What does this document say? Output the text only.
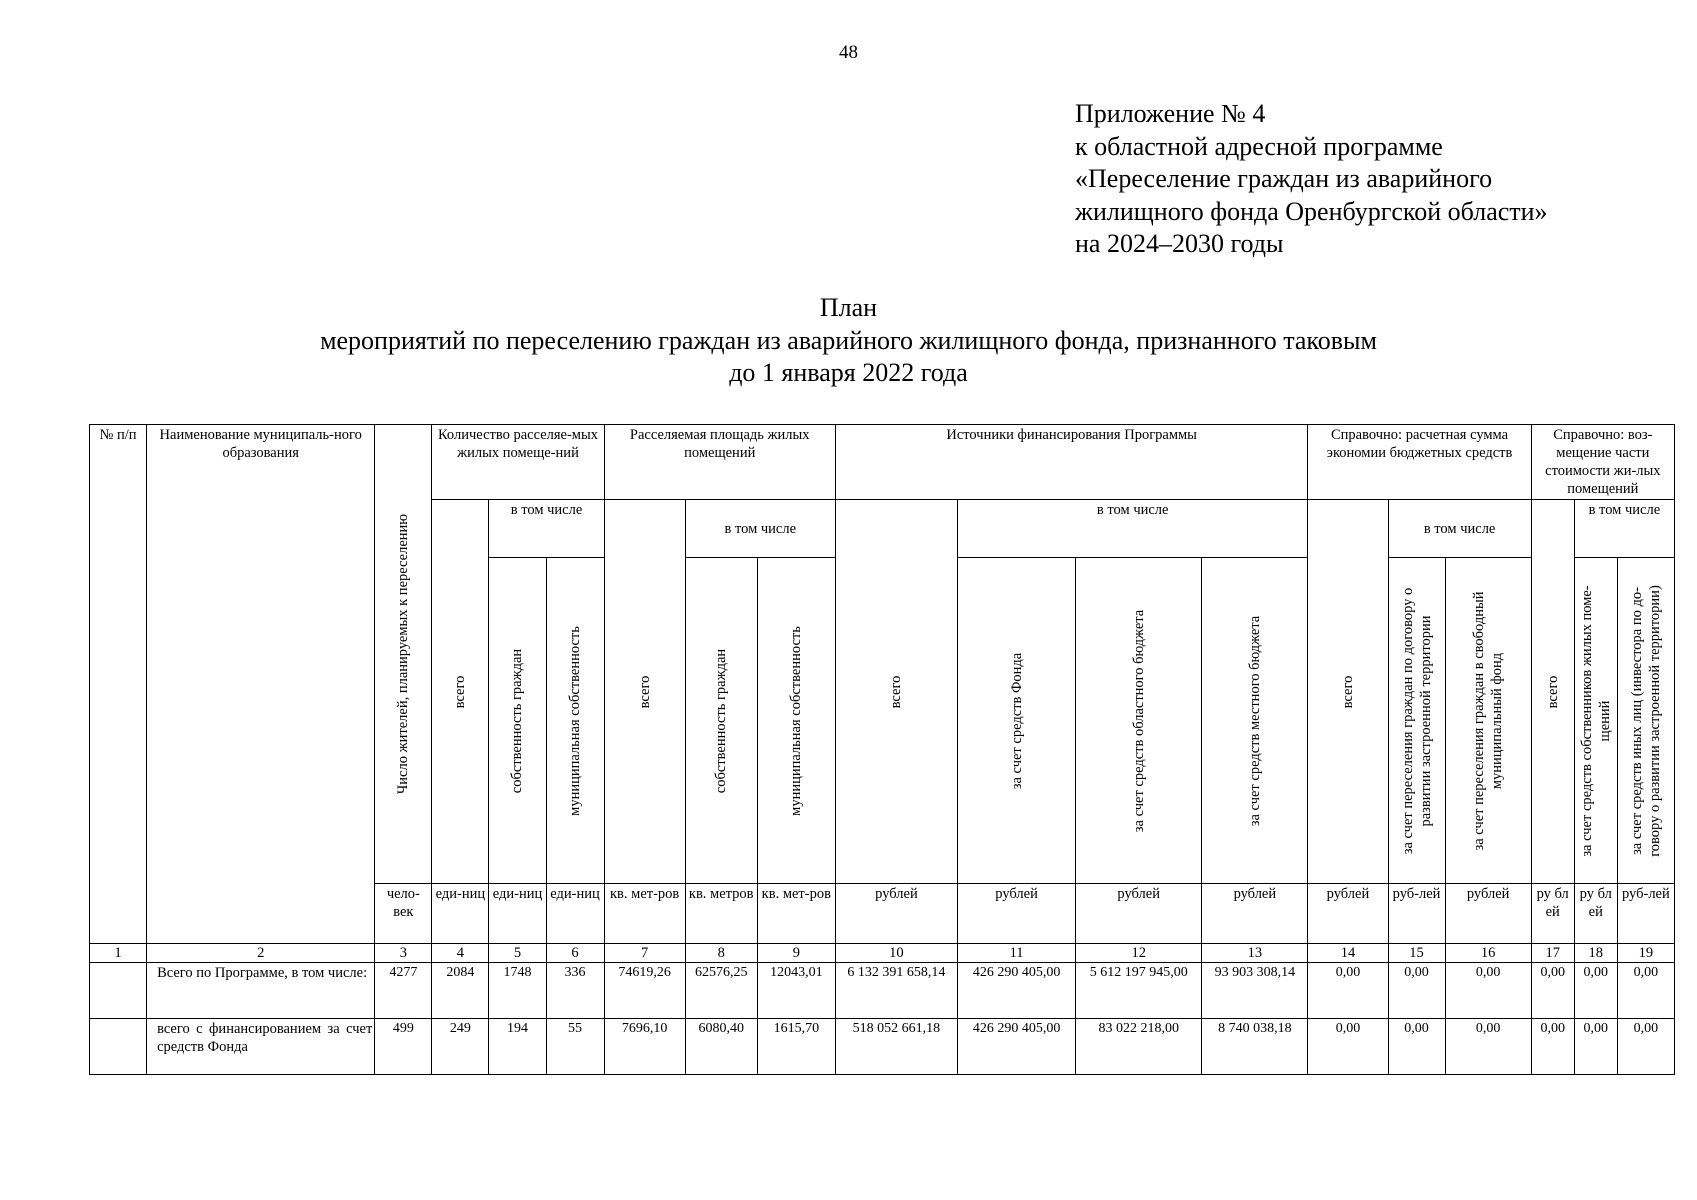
48
Приложение № 4
к областной адресной программе
«Переселение граждан из аварийного
жилищного фонда Оренбургской области»
на 2024–2030 годы
План
мероприятий по переселению граждан из аварийного жилищного фонда, признанного таковым
до 1 января 2022 года
№ п/п	Наименование муниципаль-ного образования	Число жителей, планируемых к переселению	Количество расселяе-мых жилых помеще-ний			Расселяемая площадь жилых помещений			Источники финансирования Программы				Справочно: расчетная сумма экономии бюджетных средств			Справочно: воз-мещение части стоимости жи-лых помещений		

			всего	в том числе		всего	в том числе		всего	в том числе			всего	в том числе		всего	в том числе	

				собственность граждан	муниципальная собственность		собственность граждан	муниципальная собственность		за счет средств Фонда	за счет средств областного бюджета	за счет средств местного бюджета		за счет переселения граждан по договору о развитии застроенной территории	за счет переселения граждан в свободный муниципальный фонд		за счет средств собственников жилых поме-щений	за счет средств иных лиц (инвестора по до-говору о развитии застроенной территории)

		чело-век	еди-ниц	еди-ниц	еди-ниц	кв. мет-ров	кв. метров	кв. мет-ров	рублей	рублей	рублей	рублей	рублей	руб-лей	рублей	ру бл ей	ру бл ей	руб-лей
1	2	3	4	5	6	7	8	9	10	11	12	13	14	15	16	17	18	19
	Всего по Программе, в том числе:	4277	2084	1748	336	74619,26	62576,25	12043,01	6 132 391 658,14	426 290 405,00	5 612 197 945,00	93 903 308,14	0,00	0,00	0,00	0,00	0,00	0,00
	всего с финансированием за счет средств Фонда	499	249	194	55	7696,10	6080,40	1615,70	518 052 661,18	426 290 405,00	83 022 218,00	8 740 038,18	0,00	0,00	0,00	0,00	0,00	0,00
